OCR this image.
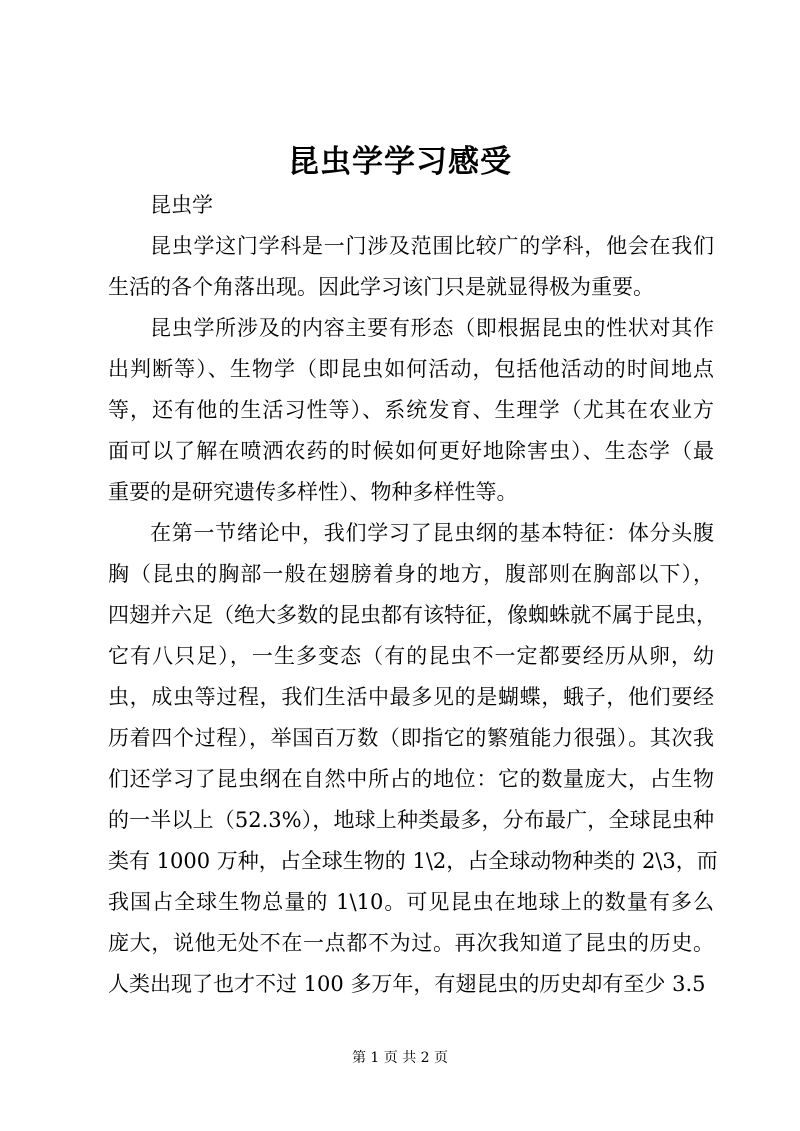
昆虫学学习感受
昆虫学
昆虫学这门学科是一门涉及范围比较广的学科，他会在我们
生活的各个角落出现。因此学习该门只是就显得极为重要。
昆虫学所涉及的内容主要有形态（即根据昆虫的性状对其作
出判断等）、生物学（即昆虫如何活动，包括他活动的时间地点
等，还有他的生活习性等）、系统发育、生理学（尤其在农业方
面可以了解在喷洒农药的时候如何更好地除害虫）、生态学（最
重要的是研究遗传多样性）、物种多样性等。
在第一节绪论中，我们学习了昆虫纲的基本特征：体分头腹
胸（昆虫的胸部一般在翅膀着身的地方，腹部则在胸部以下），
四翅并六足（绝大多数的昆虫都有该特征，像蜘蛛就不属于昆虫，
它有八只足），一生多变态（有的昆虫不一定都要经历从卵，幼
虫，成虫等过程，我们生活中最多见的是蝴蝶，蛾子，他们要经
历着四个过程），举国百万数（即指它的繁殖能力很强）。其次我
们还学习了昆虫纲在自然中所占的地位：它的数量庞大，占生物
的一半以上（52.3%），地球上种类最多，分布最广，全球昆虫种
类有 1000 万种，占全球生物的 1\2，占全球动物种类的 2\3，而
我国占全球生物总量的 1\10。可见昆虫在地球上的数量有多么
庞大，说他无处不在一点都不为过。再次我知道了昆虫的历史。
人类出现了也才不过 100 多万年，有翅昆虫的历史却有至少 3.5
第 1 页 共 2 页
